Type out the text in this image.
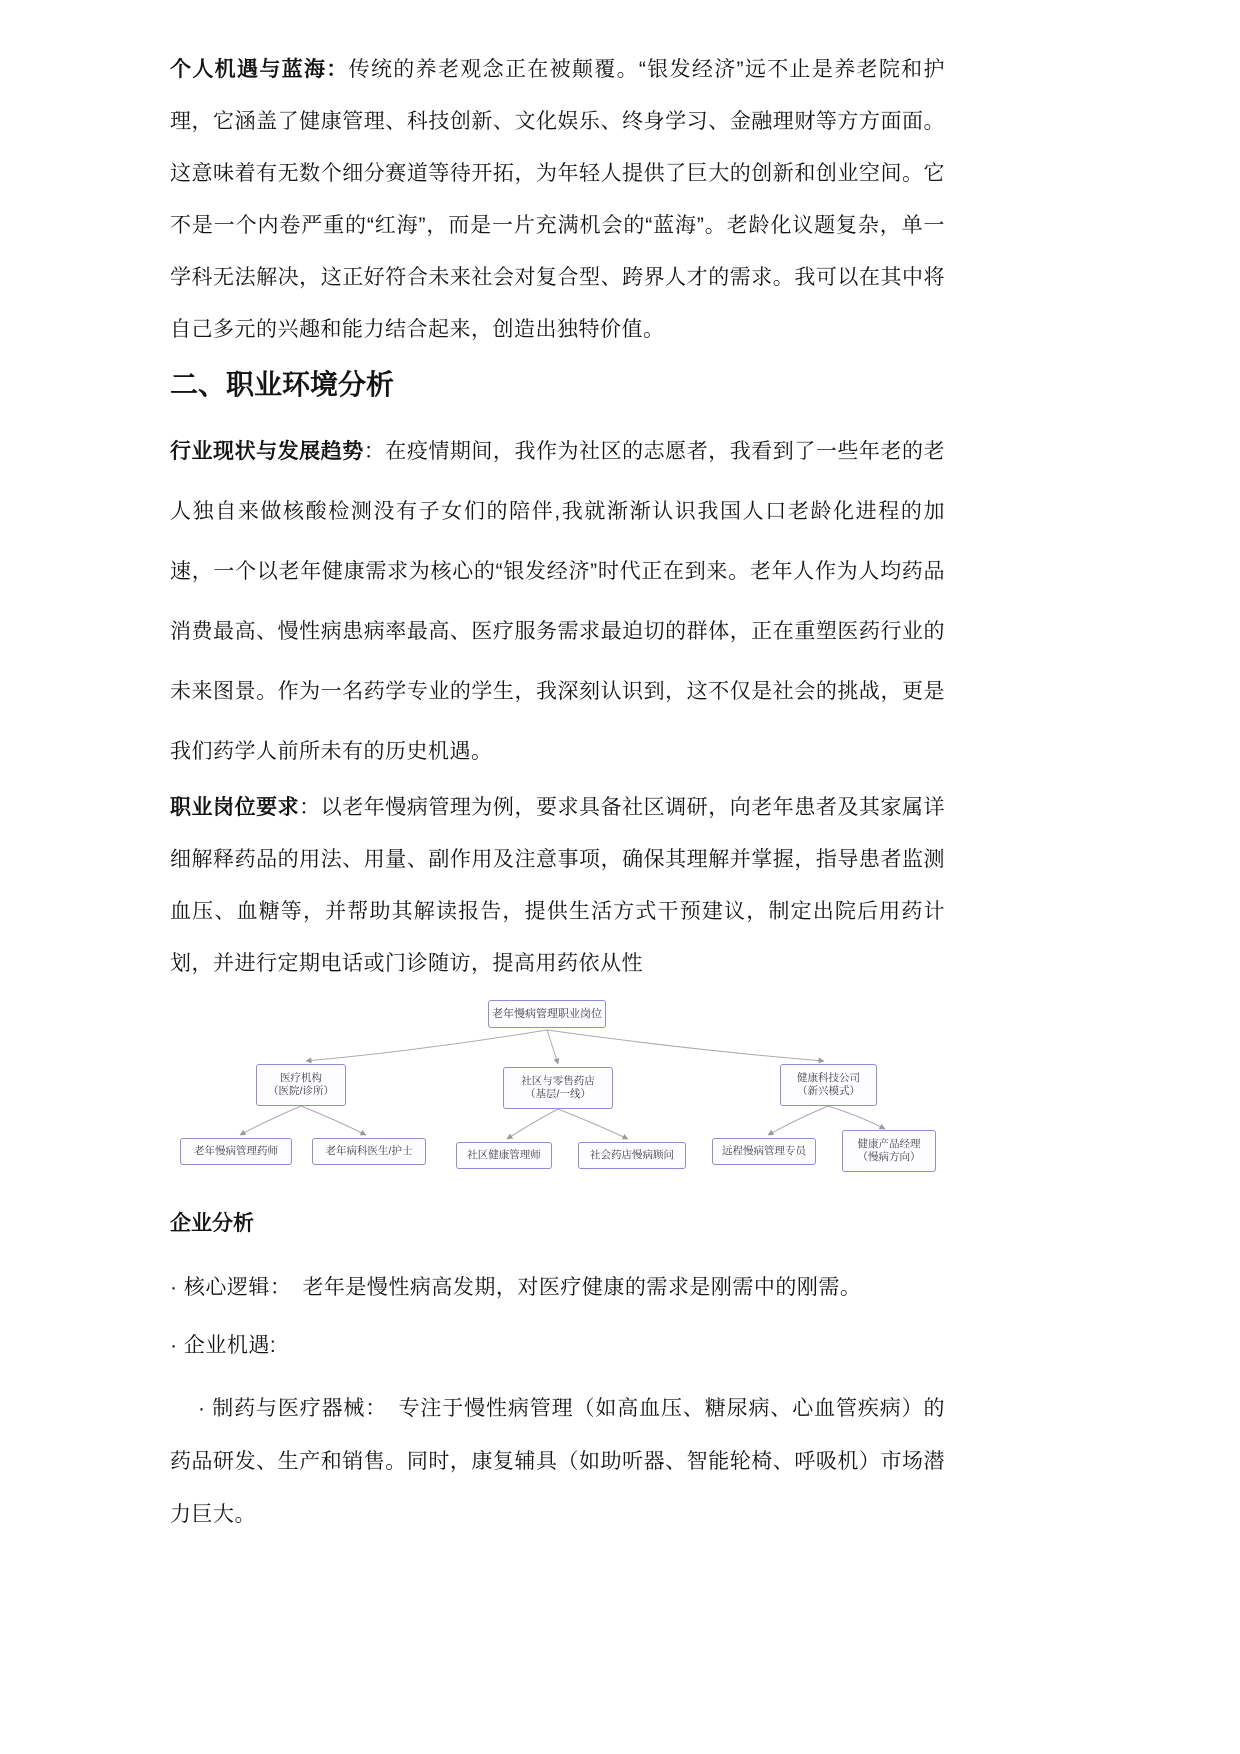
个人机遇与蓝海：传统的养老观念正在被颠覆。“银发经济”远不止是养老院和护理，它涵盖了健康管理、科技创新、文化娱乐、终身学习、金融理财等方方面面。这意味着有无数个细分赛道等待开拓，为年轻人提供了巨大的创新和创业空间。它不是一个内卷严重的“红海”，而是一片充满机会的“蓝海”。老龄化议题复杂，单一学科无法解决，这正好符合未来社会对复合型、跨界人才的需求。我可以在其中将自己多元的兴趣和能力结合起来，创造出独特价值。

二、职业环境分析

行业现状与发展趋势：在疫情期间，我作为社区的志愿者，我看到了一些年老的老人独自来做核酸检测没有子女们的陪伴,我就渐渐认识我国人口老龄化进程的加速，一个以老年健康需求为核心的“银发经济”时代正在到来。老年人作为人均药品消费最高、慢性病患病率最高、医疗服务需求最迫切的群体，正在重塑医药行业的未来图景。作为一名药学专业的学生，我深刻认识到，这不仅是社会的挑战，更是我们药学人前所未有的历史机遇。

职业岗位要求：以老年慢病管理为例，要求具备社区调研，向老年患者及其家属详细解释药品的用法、用量、副作用及注意事项，确保其理解并掌握，指导患者监测血压、血糖等，并帮助其解读报告，提供生活方式干预建议，制定出院后用药计划，并进行定期电话或门诊随访，提高用药依从性

老年慢病管理职业岗位
医疗机构
（医院/诊所）
社区与零售药店
（基层/一线）
健康科技公司
（新兴模式）
老年慢病管理药师	老年病科医生/护士	社区健康管理师	社会药店慢病顾问	远程慢病管理专员
健康产品经理
（慢病方向）
企业分析

· 核心逻辑：　老年是慢性病高发期，对医疗健康的需求是刚需中的刚需。

· 企业机遇:

· 制药与医疗器械：　专注于慢性病管理（如高血压、糖尿病、心血管疾病）的药品研发、生产和销售。同时，康复辅具（如助听器、智能轮椅、呼吸机）市场潜力巨大。
